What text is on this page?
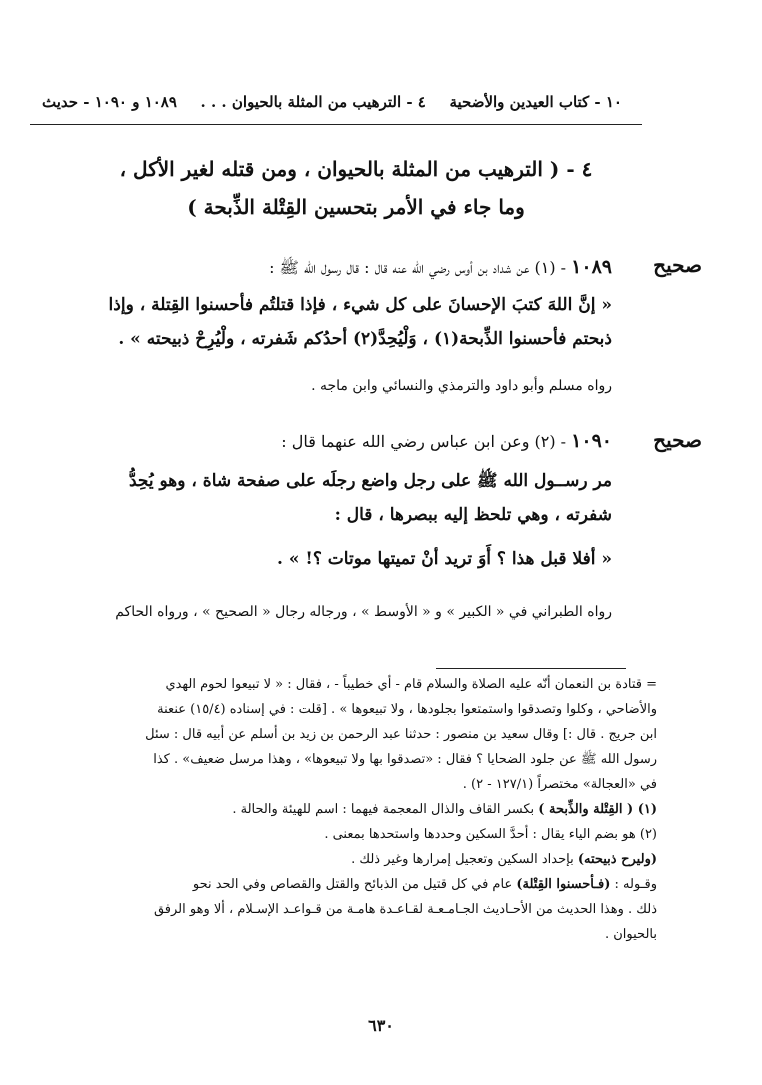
١٠ - كتاب العيدين والأضحية
٤ - الترهيب من المثلة بالحيوان . . .
١٠٨٩ و ١٠٩٠ - حديث
٤ - ( الترهيب من المثلة بالحيوان ، ومن قتله لغير الأكل ،
وما جاء في الأمر بتحسين القِتْلة الذِّبحة )
صحيح
١٠٨٩ - (١) عن شداد بن أوس رضي الله عنه قال : قال رسول الله ﷺ :

« إنَّ اللهَ كتبَ الإحسانَ على كل شيء ، فإذا قتلتُم فأحسنوا القِتلة ، وإذا

ذبحتم فأحسنوا الذِّبحة(١) ، وَلْيُحِدَّ(٢) أحدُكم شَفرته ، ولْيُرِحْ ذبيحته » .

رواه مسلم وأبو داود والترمذي والنسائي وابن ماجه .
صحيح
١٠٩٠ - (٢) وعن ابن عباس رضي الله عنهما قال :

مر رســول الله ﷺ على رجل واضع رجلَه على صفحة شاة ، وهو يُحِدُّ

شفرته ، وهي تلحظ إليه ببصرها ، قال :

« أفلا قبل هذا ؟ أَوَ تريد أنْ تميتها موتات ؟! » .

رواه الطبراني في « الكبير » و « الأوسط » ، ورجاله رجال « الصحيح » ، ورواه الحاكم

= قتادة بن النعمان أنّه عليه الصلاة والسلام قام - أي خطيباً - ، فقال : « لا تبيعوا لحوم الهدي

والأضاحي ، وكلوا وتصدقوا واستمتعوا بجلودها ، ولا تبيعوها » . [قلت : في إسناده (١٥/٤) عنعنة

ابن جريج . قال :] وقال سعيد بن منصور : حدثنا عبد الرحمن بن زيد بن أسلم عن أبيه قال : سئل

رسول الله ﷺ عن جلود الضحايا ؟ فقال : «تصدقوا بها ولا تبيعوها» ، وهذا مرسل ضعيف» . كذا

في «العجالة» مختصراً (١٢٧/١ - ٢) .

(١) ( القِتْلة والذِّبحة ) بكسر القاف والذال المعجمة فيهما : اسم للهيئة والحالة .

(٢) هو بضم الياء يقال : أحدَّ السكين وحددها واستحدها بمعنى .

(وليرح ذبيحته) بإحداد السكين وتعجيل إمرارها وغير ذلك .

وقـوله : (فـأحسنوا القِتْلة) عام في كل قتيل من الذبائح والقتل والقصاص وفي الحد نحو

ذلك . وهذا الحديث من الأحـاديث الجـامـعـة لقـاعـدة هامـة من قـواعـد الإسـلام ، ألا وهو الرفق

بالحيوان .

٦٣٠
